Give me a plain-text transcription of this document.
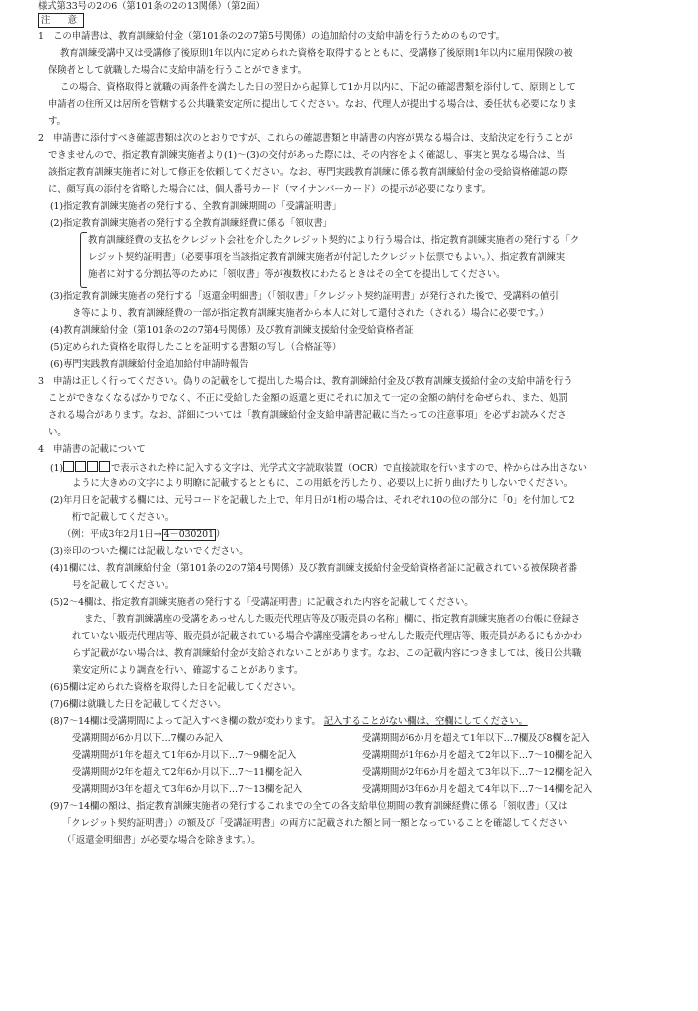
様式第33号の2の6（第101条の2の13関係）（第2面）
注　意
1　この申請書は、教育訓練給付金（第101条の2の7第5号関係）の追加給付の支給申請を行うためのものです。
教育訓練受講中又は受講修了後原則1年以内に定められた資格を取得するとともに、受講修了後原則1年以内に雇用保険の被
保険者として就職した場合に支給申請を行うことができます。
この場合、資格取得と就職の両条件を満たした日の翌日から起算して1か月以内に、下記の確認書類を添付して、原則として
申請者の住所又は居所を管轄する公共職業安定所に提出してください。なお、代理人が提出する場合は、委任状も必要になりま
す。
2　申請書に添付すべき確認書類は次のとおりですが、これらの確認書類と申請書の内容が異なる場合は、支給決定を行うことが
できませんので、指定教育訓練実施者より(1)～(3)の交付があった際には、その内容をよく確認し、事実と異なる場合は、当
該指定教育訓練実施者に対して修正を依頼してください。なお、専門実践教育訓練に係る教育訓練給付金の受給資格確認の際
に、顔写真の添付を省略した場合には、個人番号カード（マイナンバーカード）の提示が必要になります。
(1)指定教育訓練実施者の発行する、全教育訓練期間の「受講証明書」
(2)指定教育訓練実施者の発行する全教育訓練経費に係る「領収書」
教育訓練経費の支払をクレジット会社を介したクレジット契約により行う場合は、指定教育訓練実施者の発行する「ク
レジット契約証明書」（必要事項を当該指定教育訓練実施者が付記したクレジット伝票でもよい。）、指定教育訓練実
施者に対する分割払等のために「領収書」等が複数枚にわたるときはその全てを提出してください。
(3)指定教育訓練実施者の発行する「返還金明細書」（「領収書」「クレジット契約証明書」が発行された後で、受講料の値引
き等により、教育訓練経費の一部が指定教育訓練実施者から本人に対して還付された（される）場合に必要です。）
(4)教育訓練給付金（第101条の2の7第4号関係）及び教育訓練支援給付金受給資格者証
(5)定められた資格を取得したことを証明する書類の写し（合格証等）
(6)専門実践教育訓練給付金追加給付申請時報告
3　申請は正しく行ってください。偽りの記載をして提出した場合は、教育訓練給付金及び教育訓練支援給付金の支給申請を行う
ことができなくなるばかりでなく、不正に受給した金額の返還と更にそれに加えて一定の金額の納付を命ぜられ、また、処罰
される場合があります。なお、詳細については「教育訓練給付金支給申請書記載に当たっての注意事項」を必ずお読みくださ
い。
4　申請書の記載について
(1)	で表示された枠に記入する文字は、光学式文字読取装置（OCR）で直接読取を行いますので、枠からはみ出さない
ように大きめの文字により明瞭に記載するとともに、この用紙を汚したり、必要以上に折り曲げたりしないでください。
(2)年月日を記載する欄には、元号コードを記載した上で、年月日が1桁の場合は、それぞれ10の位の部分に「0」を付加して2
桁で記載してください。
（例：平成3年2月1日→ 4－030201 ）
(3)※印のついた欄には記載しないでください。
(4)1欄には、教育訓練給付金（第101条の2の7第4号関係）及び教育訓練支援給付金受給資格者証に記載されている被保険者番
号を記載してください。
(5)2～4欄は、指定教育訓練実施者の発行する「受講証明書」に記載された内容を記載してください。
また、「教育訓練講座の受講をあっせんした販売代理店等及び販売員の名称」欄に、指定教育訓練実施者の台帳に登録さ
れていない販売代理店等、販売員が記載されている場合や講座受講をあっせんした販売代理店等、販売員があるにもかかわ
らず記載がない場合は、教育訓練給付金が支給されないことがあります。なお、この記載内容につきましては、後日公共職
業安定所により調査を行い、確認することがあります。
(6)5欄は定められた資格を取得した日を記載してください。
(7)6欄は就職した日を記載してください。
(8)7～14欄は受講期間によって記入すべき欄の数が変わります。 記入することがない欄は、空欄にしてください。
受講期間が6か月以下…7欄のみ記入	受講期間が6か月を超えて1年以下…7欄及び8欄を記入
受講期間が1年を超えて1年6か月以下…7～9欄を記入	受講期間が1年6か月を超えて2年以下…7～10欄を記入
受講期間が2年を超えて2年6か月以下…7～11欄を記入	受講期間が2年6か月を超えて3年以下…7～12欄を記入
受講期間が3年を超えて3年6か月以下…7～13欄を記入	受講期間が3年6か月を超えて4年以下…7～14欄を記入
(9)7～14欄の額は、指定教育訓練実施者の発行するこれまでの全ての各支給単位期間の教育訓練経費に係る「領収書」（又は
「クレジット契約証明書」）の額及び「受講証明書」の両方に記載された額と同一額となっていることを確認してください
（「返還金明細書」が必要な場合を除きます。）。
